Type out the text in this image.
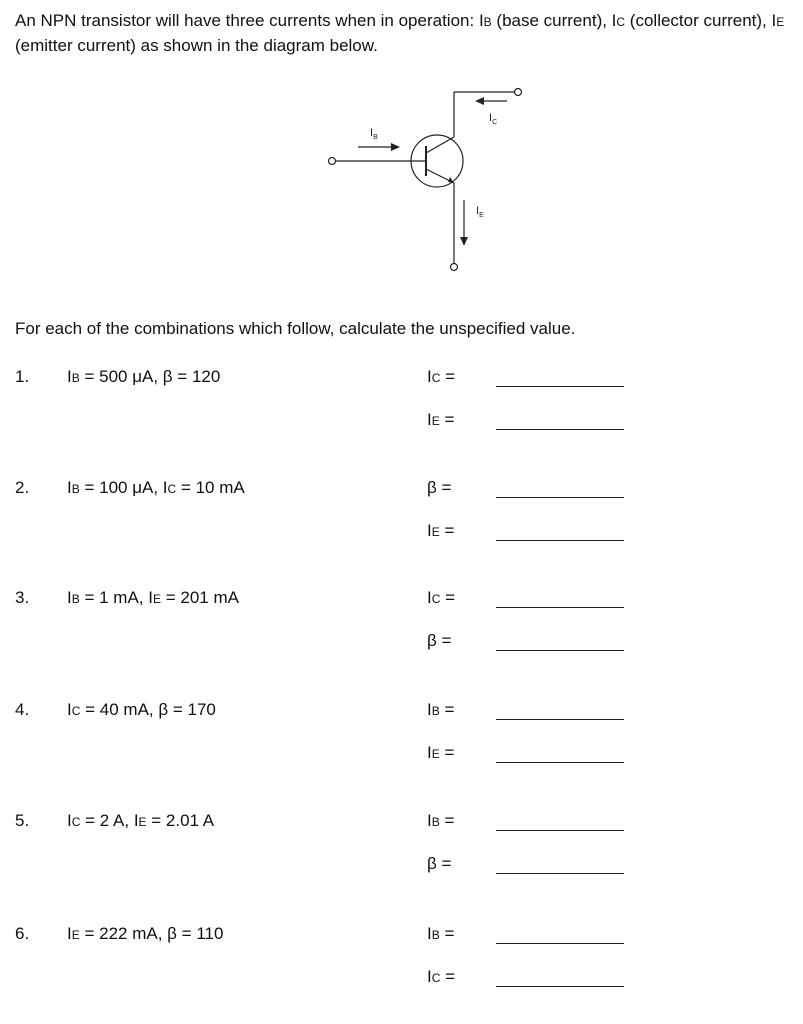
An NPN transistor will have three currents when in operation: IB (base current), IC (collector current), IE (emitter current) as shown in the diagram below.
$I_B$
$I_C$
$I_E$
For each of the combinations which follow, calculate the unspecified value.
1. IB = 500 μA, β = 120	IC =
IE =
2. IB = 100 μA, IC = 10 mA	β =
IE =
3. IB = 1 mA, IE = 201 mA	IC =
β =
4. IC = 40 mA, β = 170	IB =
IE =
5. IC = 2 A, IE = 2.01 A	IB =
β =
6. IE = 222 mA, β = 110	IB =
IC =
